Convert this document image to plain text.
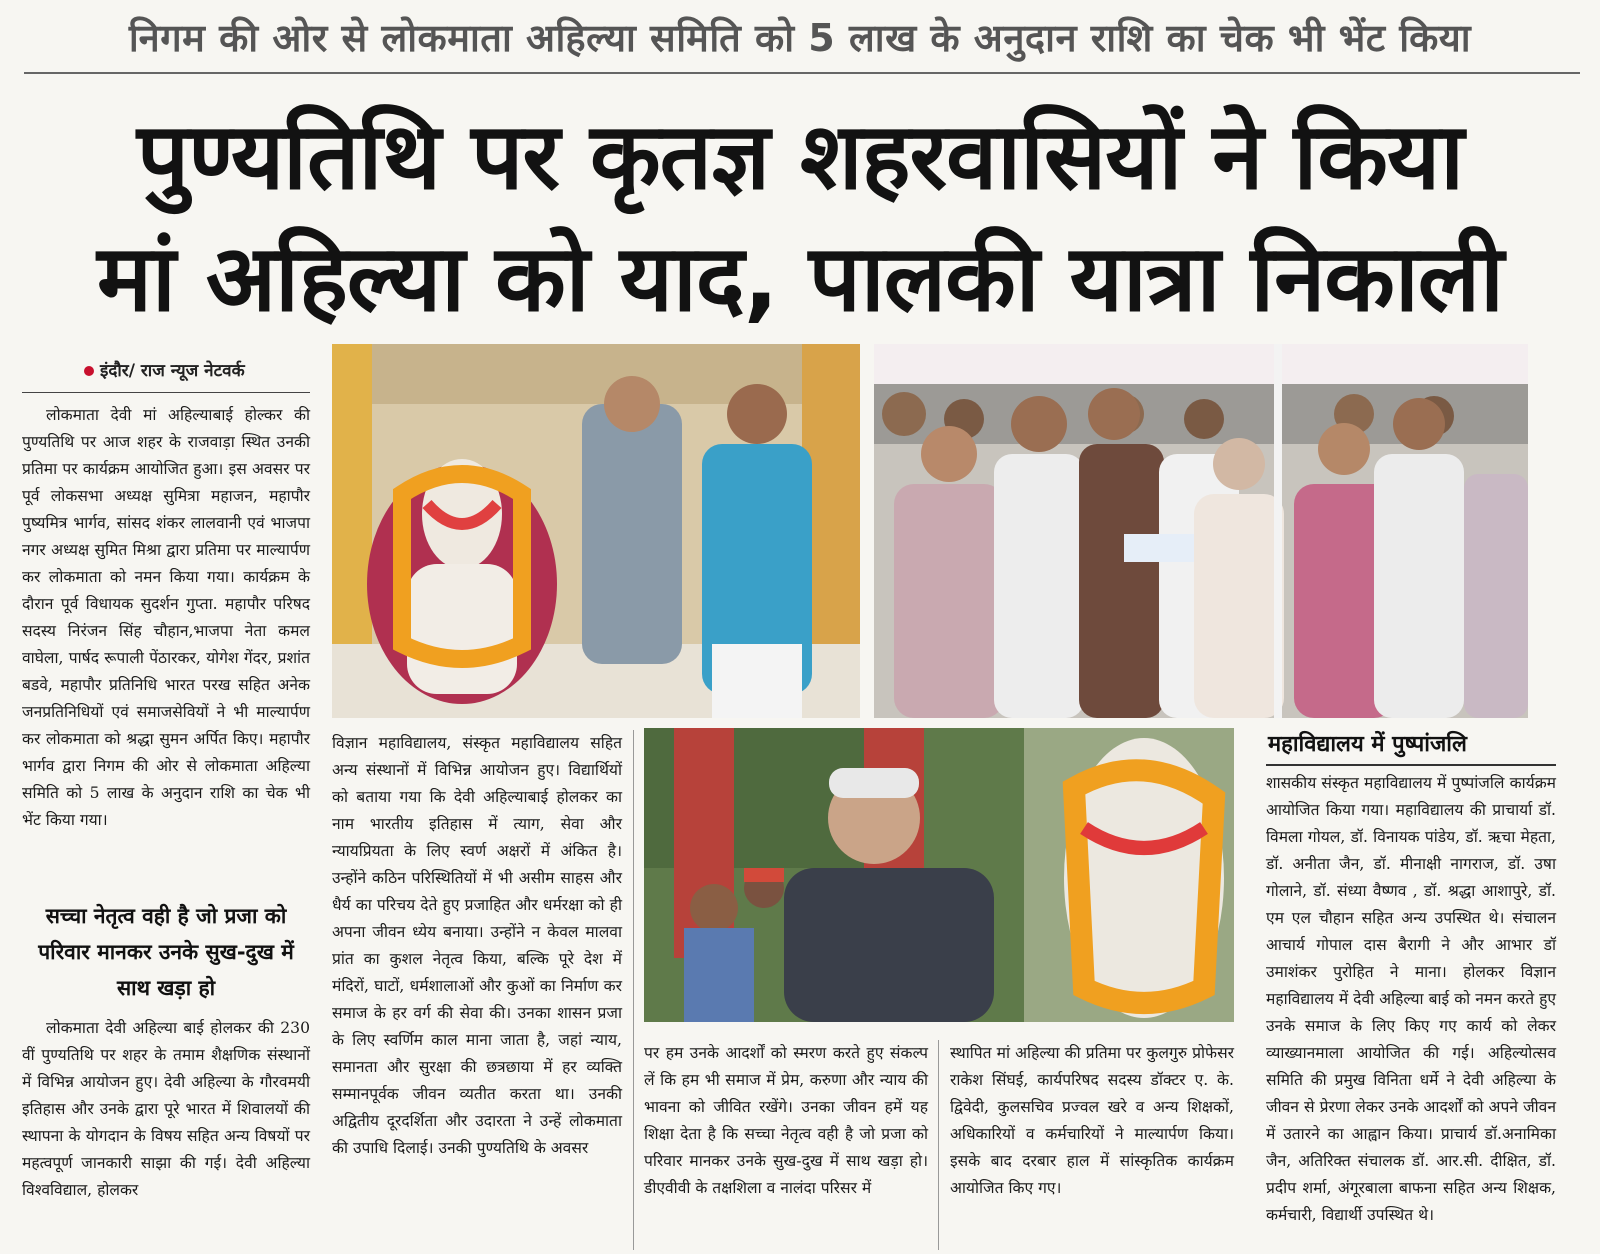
निगम की ओर से लोकमाता अहिल्या समिति को 5 लाख के अनुदान राशि का चेक भी भेंट किया
पुण्यतिथि पर कृतज्ञ शहरवासियों ने किया
मां अहिल्या को याद, पालकी यात्रा निकाली
इंदौर/ राज न्यूज नेटवर्क

लोकमाता देवी मां अहिल्याबाई होल्कर की पुण्यतिथि पर आज शहर के राजवाड़ा स्थित उनकी प्रतिमा पर कार्यक्रम आयोजित हुआ। इस अवसर पर पूर्व लोकसभा अध्यक्ष सुमित्रा महाजन, महापौर पुष्यमित्र भार्गव, सांसद शंकर लालवानी एवं भाजपा नगर अध्यक्ष सुमित मिश्रा द्वारा प्रतिमा पर माल्यार्पण कर लोकमाता को नमन किया गया। कार्यक्रम के दौरान पूर्व विधायक सुदर्शन गुप्ता. महापौर परिषद सदस्य निरंजन सिंह चौहान,भाजपा नेता कमल वाघेला, पार्षद रूपाली पेंठारकर, योगेश गेंदर, प्रशांत बडवे, महापौर प्रतिनिधि भारत परख सहित अनेक जनप्रतिनिधियों एवं समाजसेवियों ने भी माल्यार्पण कर लोकमाता को श्रद्धा सुमन अर्पित किए। महापौर भार्गव द्वारा निगम की ओर से लोकमाता अहिल्या समिति को 5 लाख के अनुदान राशि का चेक भी भेंट किया गया।

सच्चा नेतृत्व वही है जो प्रजा को परिवार मानकर उनके सुख-दुख में साथ खड़ा हो

लोकमाता देवी अहिल्या बाई होलकर की 230 वीं पुण्यतिथि पर शहर के तमाम शैक्षणिक संस्थानों में विभिन्न आयोजन हुए। देवी अहिल्या के गौरवमयी इतिहास और उनके द्वारा पूरे भारत में शिवालयों की स्थापना के योगदान के विषय सहित अन्य विषयों पर महत्वपूर्ण जानकारी साझा की गई। देवी अहिल्या विश्वविद्याल, होलकर

विज्ञान महाविद्यालय, संस्कृत महाविद्यालय सहित अन्य संस्थानों में विभिन्न आयोजन हुए। विद्यार्थियों को बताया गया कि देवी अहिल्याबाई होलकर का नाम भारतीय इतिहास में त्याग, सेवा और न्यायप्रियता के लिए स्वर्ण अक्षरों में अंकित है। उन्होंने कठिन परिस्थितियों में भी असीम साहस और धैर्य का परिचय देते हुए प्रजाहित और धर्मरक्षा को ही अपना जीवन ध्येय बनाया। उन्होंने न केवल मालवा प्रांत का कुशल नेतृत्व किया, बल्कि पूरे देश में मंदिरों, घाटों, धर्मशालाओं और कुओं का निर्माण कर समाज के हर वर्ग की सेवा की। उनका शासन प्रजा के लिए स्वर्णिम काल माना जाता है, जहां न्याय, समानता और सुरक्षा की छत्रछाया में हर व्यक्ति सम्मानपूर्वक जीवन व्यतीत करता था। उनकी अद्वितीय दूरदर्शिता और उदारता ने उन्हें लोकमाता की उपाधि दिलाई। उनकी पुण्यतिथि के अवसर

पर हम उनके आदर्शों को स्मरण करते हुए संकल्प लें कि हम भी समाज में प्रेम, करुणा और न्याय की भावना को जीवित रखेंगे। उनका जीवन हमें यह शिक्षा देता है कि सच्चा नेतृत्व वही है जो प्रजा को परिवार मानकर उनके सुख-दुख में साथ खड़ा हो। डीएवीवी के तक्षशिला व नालंदा परिसर में

स्थापित मां अहिल्या की प्रतिमा पर कुलगुरु प्रोफेसर राकेश सिंघई, कार्यपरिषद सदस्य डॉक्टर ए. के. द्विवेदी, कुलसचिव प्रज्वल खरे व अन्य शिक्षकों, अधिकारियों व कर्मचारियों ने माल्यार्पण किया। इसके बाद दरबार हाल में सांस्कृतिक कार्यक्रम आयोजित किए गए।

महाविद्यालय में पुष्पांजलि

शासकीय संस्कृत महाविद्यालय में पुष्पांजलि कार्यक्रम आयोजित किया गया। महाविद्यालय की प्राचार्या डॉ. विमला गोयल, डॉ. विनायक पांडेय, डॉ. ऋचा मेहता, डॉ. अनीता जैन, डॉ. मीनाक्षी नागराज, डॉ. उषा गोलाने, डॉ. संध्या वैष्णव , डॉ. श्रद्धा आशापुरे, डॉ. एम एल चौहान सहित अन्य उपस्थित थे। संचालन आचार्य गोपाल दास बैरागी ने और आभार डॉ उमाशंकर पुरोहित ने माना। होलकर विज्ञान महाविद्यालय में देवी अहिल्या बाई को नमन करते हुए उनके समाज के लिए किए गए कार्य को लेकर व्याख्यानमाला आयोजित की गई। अहिल्योत्सव समिति की प्रमुख विनिता धर्मे ने देवी अहिल्या के जीवन से प्रेरणा लेकर उनके आदर्शों को अपने जीवन में उतारने का आह्वान किया। प्राचार्य डॉ.अनामिका जैन, अतिरिक्त संचालक डॉ. आर.सी. दीक्षित, डॉ. प्रदीप शर्मा, अंगूरबाला बाफना सहित अन्य शिक्षक, कर्मचारी, विद्यार्थी उपस्थित थे।
